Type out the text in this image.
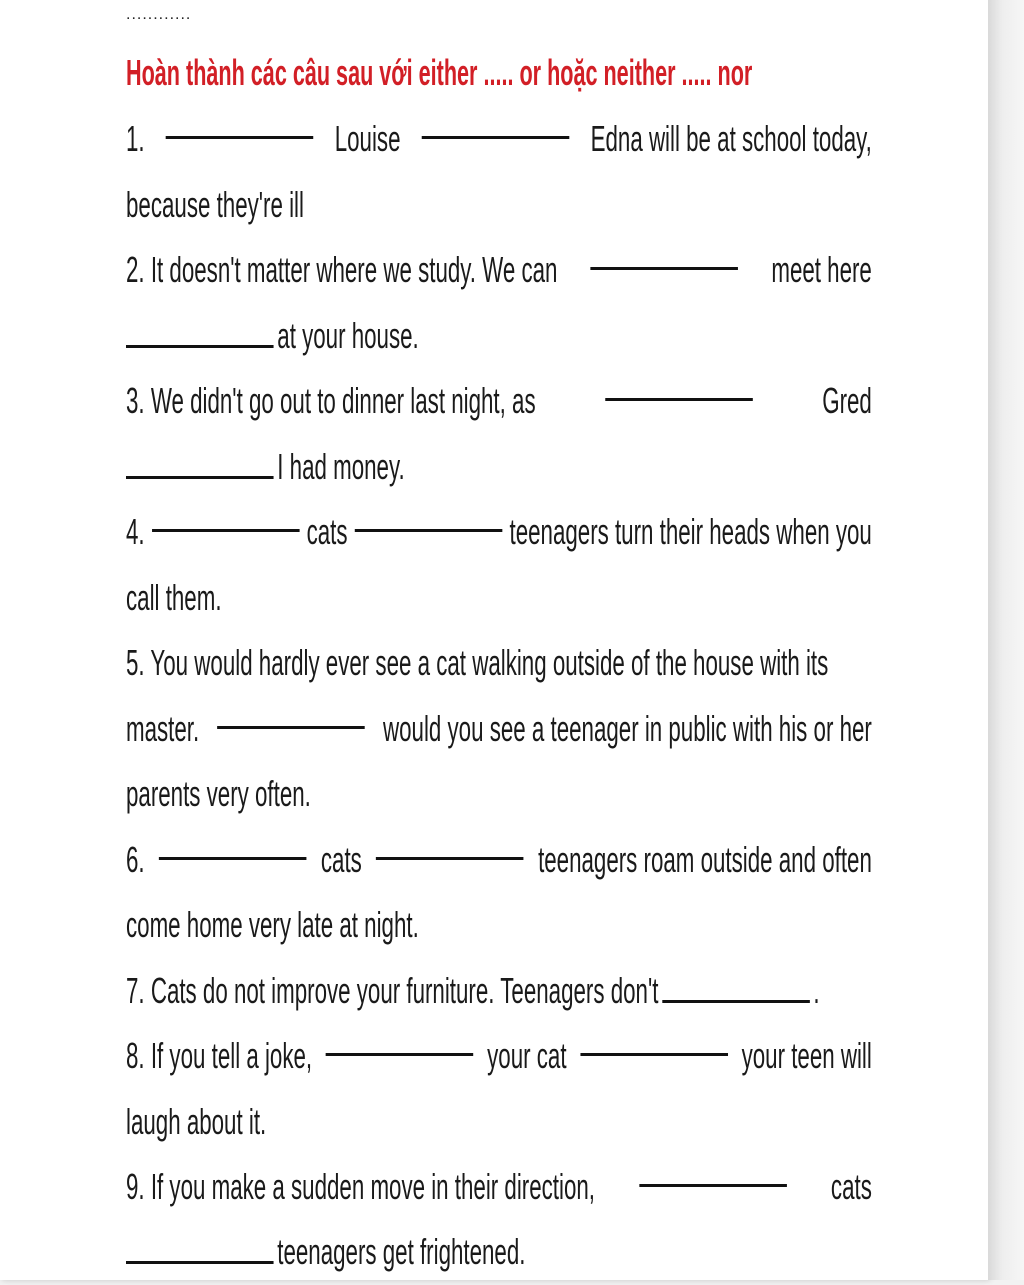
............
Hoàn thành các câu sau với either ..... or hoặc neither ..... nor
1.	Louise	Edna will be at school today,
because they're ill
2. It doesn't matter where we study. We can	meet here
at your house.
3. We didn't go out to dinner last night, as	Gred
I had money.
4.	cats	teenagers turn their heads when you
call them.
5. You would hardly ever see a cat walking outside of the house with its
master.	would you see a teenager in public with his or her
parents very often.
6.	cats	teenagers roam outside and often
come home very late at night.
7. Cats do not improve your furniture. Teenagers don't	.
8. If you tell a joke,	your cat	your teen will
laugh about it.
9. If you make a sudden move in their direction,	cats
teenagers get frightened.
